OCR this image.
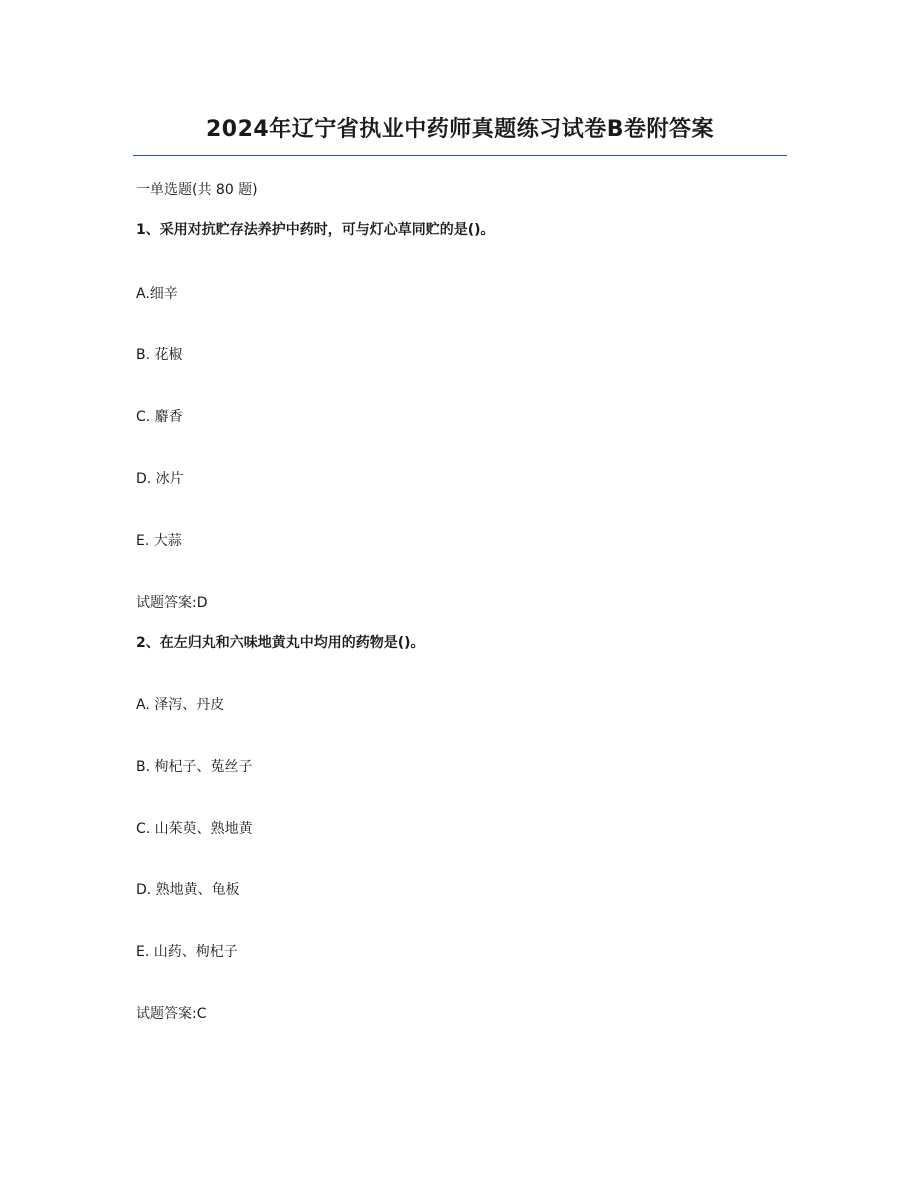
2024年辽宁省执业中药师真题练习试卷B卷附答案
一单选题(共 80 题)
1、采用对抗贮存法养护中药时，可与灯心草同贮的是()。
A.细辛
B. 花椒
C. 麝香
D. 冰片
E. 大蒜
试题答案:D
2、在左归丸和六味地黄丸中均用的药物是()。
A. 泽泻、丹皮
B. 枸杞子、菟丝子
C. 山茱萸、熟地黄
D. 熟地黄、龟板
E. 山药、枸杞子
试题答案:C
